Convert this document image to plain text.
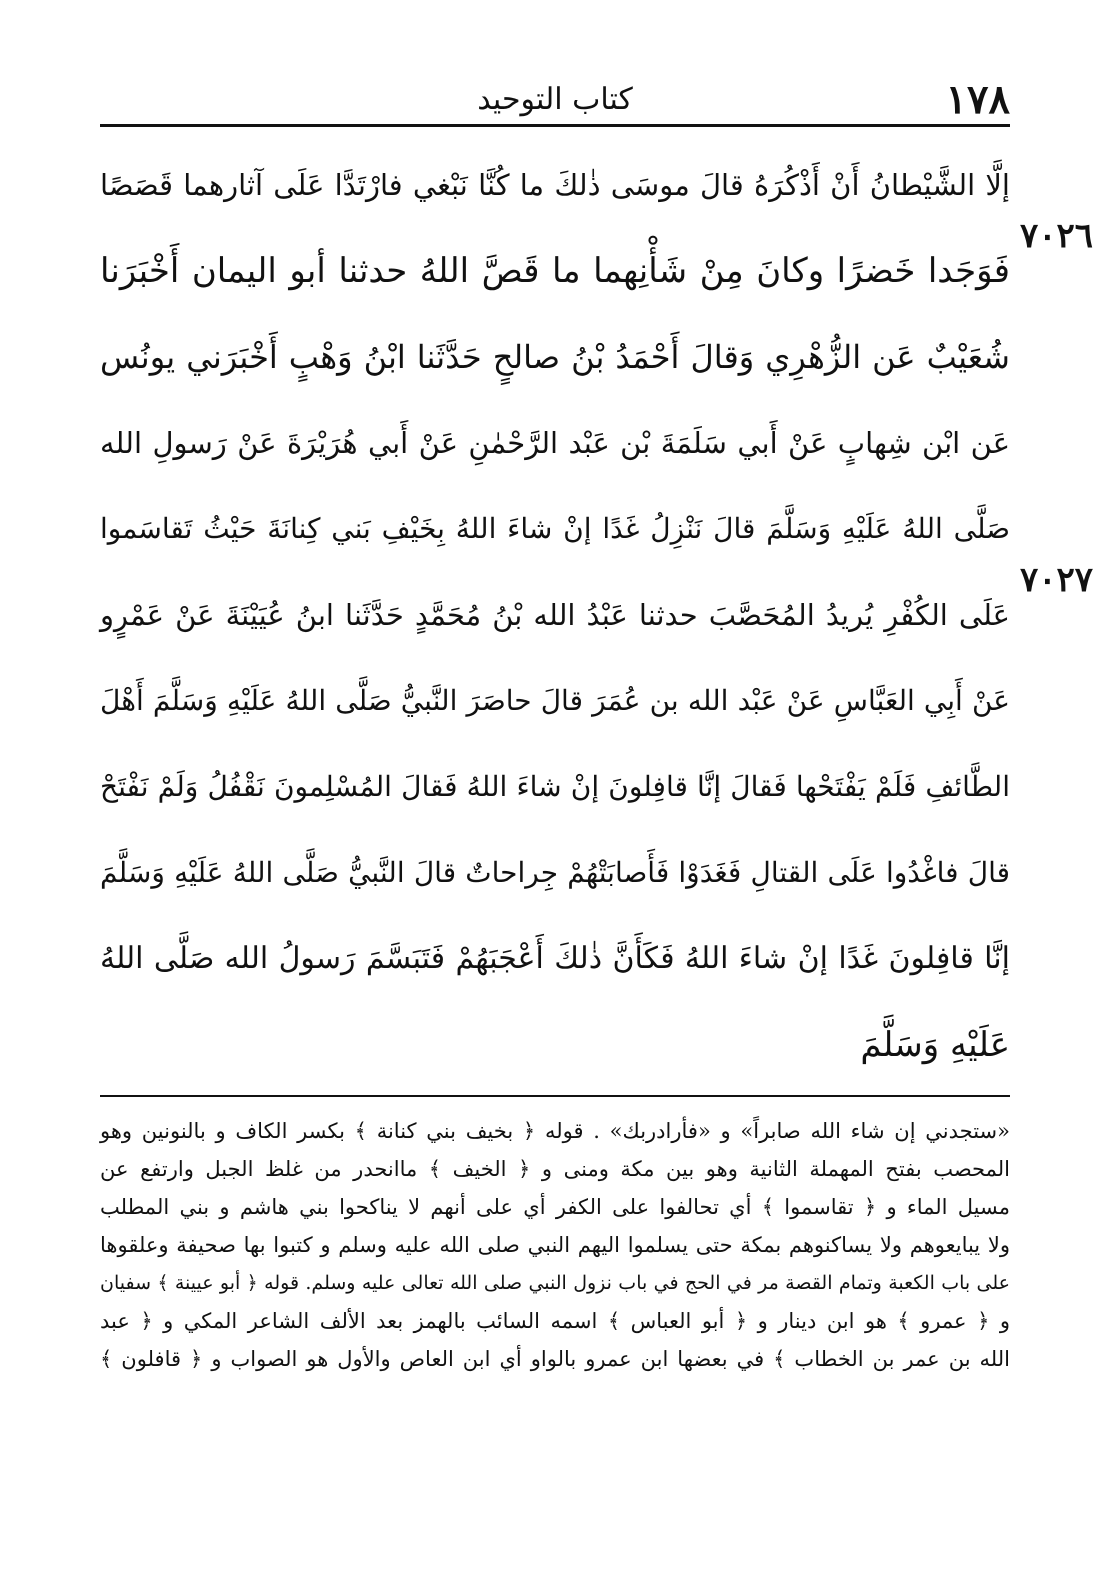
١٧٨
كتاب التوحيد
٧٠٢٦
٧٠٢٧
إلَّا الشَّيْطانُ أَنْ أَذْكُرَهُ قالَ موسَى ذٰلكَ ما كُنَّا نَبْغي فارْتَدَّا عَلَى آثارهما قَصَصًا
فَوَجَدا خَضرًا وكانَ مِنْ شَأْنِهما ما قَصَّ اللهُ حدثنا أبو اليمان أَخْبَرَنا
شُعَيْبٌ عَن الزُّهْرِي وَقالَ أَحْمَدُ بْنُ صالحٍ حَدَّثَنا ابْنُ وَهْبٍ أَخْبَرَني يونُس
عَن ابْن شِهابٍ عَنْ أَبي سَلَمَةَ بْن عَبْد الرَّحْمٰنِ عَنْ أَبي هُرَيْرَةَ عَنْ رَسولِ الله
صَلَّى اللهُ عَلَيْهِ وَسَلَّمَ قالَ نَنْزِلُ غَدًا إنْ شاءَ اللهُ بِخَيْفِ بَني كِنانَةَ حَيْثُ تَقاسَموا
عَلَى الكُفْرِ يُريدُ المُحَصَّبَ حدثنا عَبْدُ الله بْنُ مُحَمَّدٍ حَدَّثَنا ابنُ عُيَيْنَةَ عَنْ عَمْرٍو
عَنْ أَبِي العَبَّاسِ عَنْ عَبْد الله بن عُمَرَ قالَ حاصَرَ النَّبيُّ صَلَّى اللهُ عَلَيْهِ وَسَلَّمَ أَهْلَ
الطَّائفِ فَلَمْ يَفْتَحْها فَقالَ إنَّا قافِلونَ إنْ شاءَ اللهُ فَقالَ المُسْلِمونَ نَقْفُلُ وَلَمْ نَفْتَحْ
قالَ فاغْدُوا عَلَى القتالِ فَغَدَوْا فَأَصابَتْهُمْ جِراحاتٌ قالَ النَّبيُّ صَلَّى اللهُ عَلَيْهِ وَسَلَّمَ
إنَّا قافِلونَ غَدًا إنْ شاءَ اللهُ فَكَأَنَّ ذٰلكَ أَعْجَبَهُمْ فَتَبَسَّمَ رَسولُ الله صَلَّى اللهُ
عَلَيْهِ وَسَلَّمَ
«ستجدني إن شاء الله صابراً» و «فأرادربك» . قوله ﴿ بخيف بني كنانة ﴾ بكسر الكاف و بالنونين وهو
المحصب بفتح المهملة الثانية وهو بين مكة ومنى و ﴿ الخيف ﴾ ماانحدر من غلظ الجبل وارتفع عن
مسيل الماء و ﴿ تقاسموا ﴾ أي تحالفوا على الكفر أي على أنهم لا يناكحوا بني هاشم و بني المطلب
ولا يبايعوهم ولا يساكنوهم بمكة حتى يسلموا اليهم النبي صلى الله عليه وسلم و كتبوا بها صحيفة وعلقوها
على باب الكعبة وتمام القصة مر في الحج في باب نزول النبي صلى الله تعالى عليه وسلم. قوله ﴿ أبو عيينة ﴾ سفيان
و ﴿ عمرو ﴾ هو ابن دينار و ﴿ أبو العباس ﴾ اسمه السائب بالهمز بعد الألف الشاعر المكي و ﴿ عبد
الله بن عمر بن الخطاب ﴾ في بعضها ابن عمرو بالواو أي ابن العاص والأول هو الصواب و ﴿ قافلون ﴾
